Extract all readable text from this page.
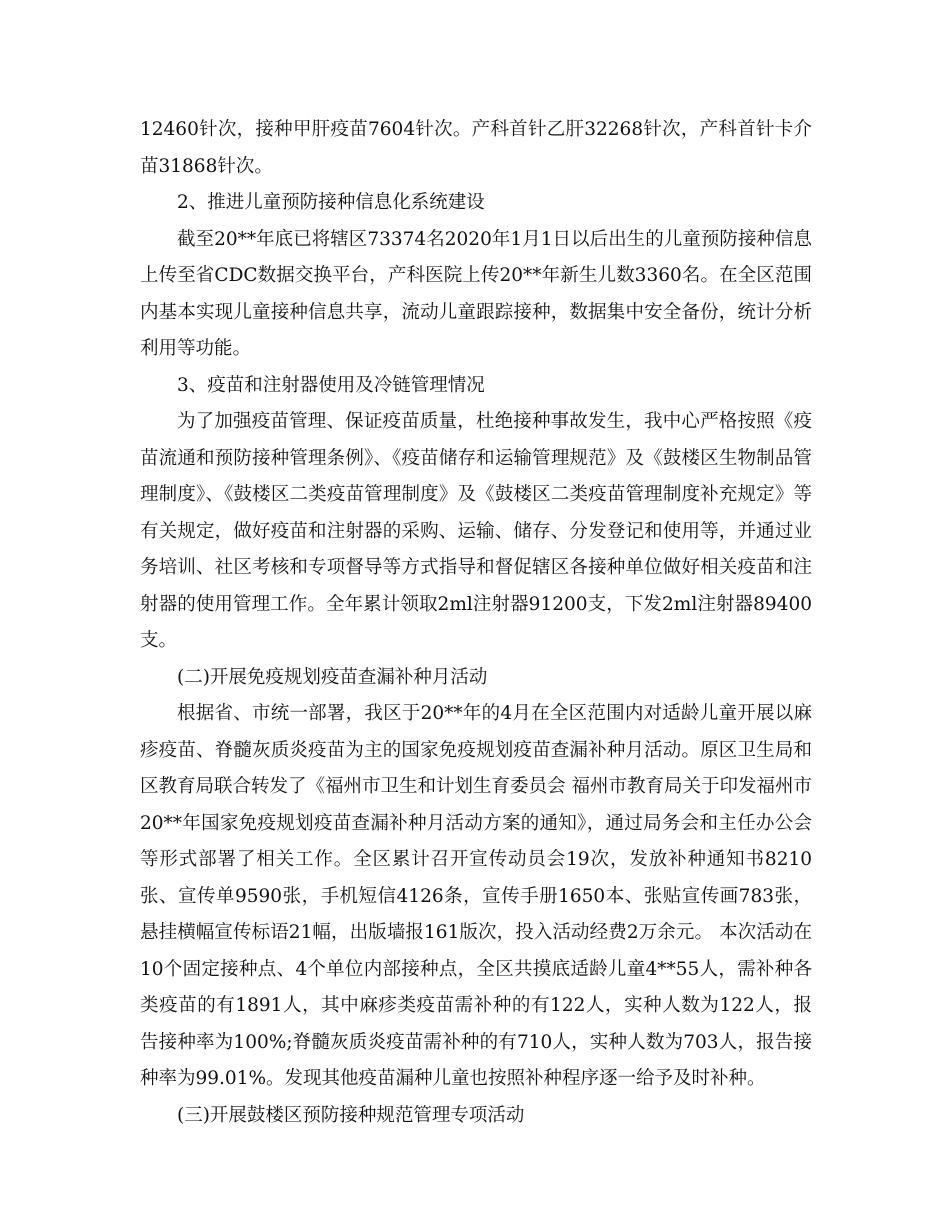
12460针次，接种甲肝疫苗7604针次。产科首针乙肝32268针次，产科首针卡介苗31868针次。

2、推进儿童预防接种信息化系统建设

截至20**年底已将辖区73374名2020年1月1日以后出生的儿童预防接种信息上传至省CDC数据交换平台，产科医院上传20**年新生儿数3360名。在全区范围内基本实现儿童接种信息共享，流动儿童跟踪接种，数据集中安全备份，统计分析利用等功能。

3、疫苗和注射器使用及冷链管理情况

为了加强疫苗管理、保证疫苗质量，杜绝接种事故发生，我中心严格按照《疫苗流通和预防接种管理条例》、《疫苗储存和运输管理规范》及《鼓楼区生物制品管理制度》、《鼓楼区二类疫苗管理制度》及《鼓楼区二类疫苗管理制度补充规定》等有关规定，做好疫苗和注射器的采购、运输、储存、分发登记和使用等，并通过业务培训、社区考核和专项督导等方式指导和督促辖区各接种单位做好相关疫苗和注射器的使用管理工作。全年累计领取2ml注射器91200支，下发2ml注射器89400支。

(二)开展免疫规划疫苗查漏补种月活动

根据省、市统一部署，我区于20**年的4月在全区范围内对适龄儿童开展以麻疹疫苗、脊髓灰质炎疫苗为主的国家免疫规划疫苗查漏补种月活动。原区卫生局和区教育局联合转发了《福州市卫生和计划生育委员会 福州市教育局关于印发福州市20**年国家免疫规划疫苗查漏补种月活动方案的通知》，通过局务会和主任办公会等形式部署了相关工作。全区累计召开宣传动员会19次，发放补种通知书8210张、宣传单9590张，手机短信4126条，宣传手册1650本、张贴宣传画783张，悬挂横幅宣传标语21幅，出版墙报161版次，投入活动经费2万余元。 本次活动在10个固定接种点、4个单位内部接种点，全区共摸底适龄儿童4**55人，需补种各类疫苗的有1891人，其中麻疹类疫苗需补种的有122人，实种人数为122人，报告接种率为100%;脊髓灰质炎疫苗需补种的有710人，实种人数为703人，报告接种率为99.01%。发现其他疫苗漏种儿童也按照补种程序逐一给予及时补种。

(三)开展鼓楼区预防接种规范管理专项活动
